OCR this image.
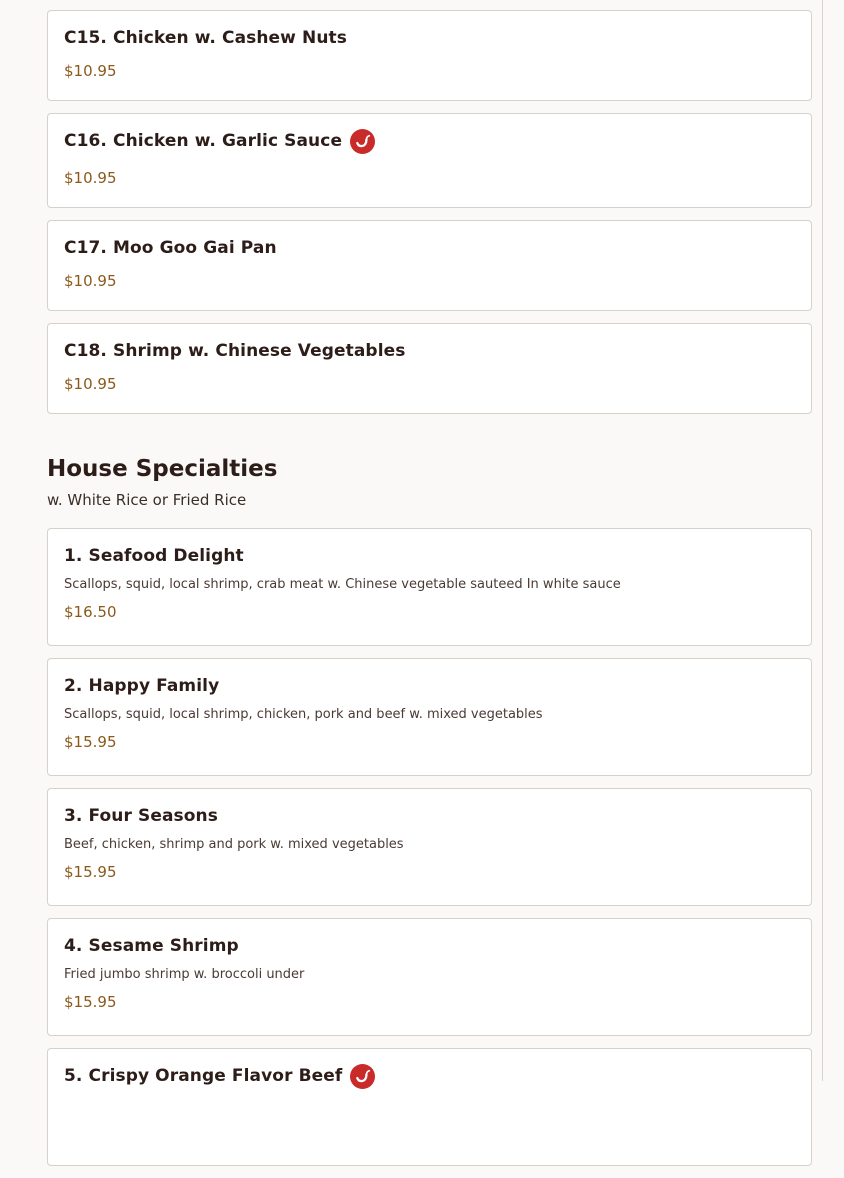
C15. Chicken w. Cashew Nuts
$10.95
C16. Chicken w. Garlic Sauce
$10.95
C17. Moo Goo Gai Pan
$10.95
C18. Shrimp w. Chinese Vegetables
$10.95
House Specialties
w. White Rice or Fried Rice
1. Seafood Delight
Scallops, squid, local shrimp, crab meat w. Chinese vegetable sauteed In white sauce
$16.50
2. Happy Family
Scallops, squid, local shrimp, chicken, pork and beef w. mixed vegetables
$15.95
3. Four Seasons
Beef, chicken, shrimp and pork w. mixed vegetables
$15.95
4. Sesame Shrimp
Fried jumbo shrimp w. broccoli under
$15.95
5. Crispy Orange Flavor Beef
